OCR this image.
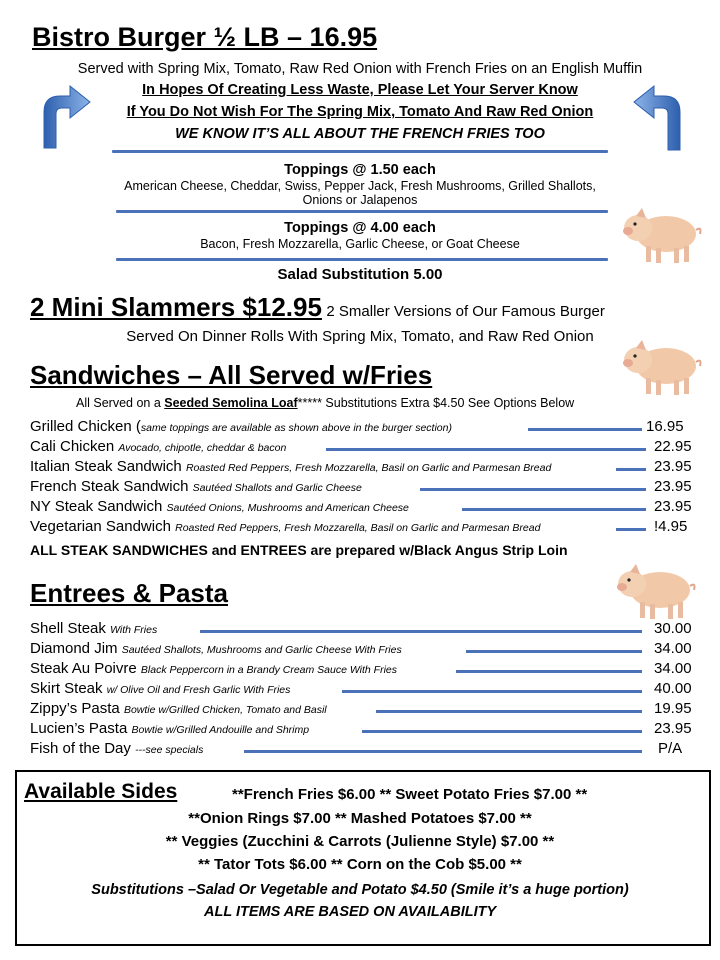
Bistro Burger ½ LB – 16.95
Served with Spring Mix, Tomato, Raw Red Onion with French Fries on an English Muffin
In Hopes Of Creating Less Waste, Please Let Your Server Know
If You Do Not Wish For The Spring Mix, Tomato And Raw Red Onion
WE KNOW IT’S ALL ABOUT THE FRENCH FRIES TOO
Toppings @ 1.50 each
American Cheese, Cheddar, Swiss, Pepper Jack, Fresh Mushrooms, Grilled Shallots,
Onions or Jalapenos
Toppings @ 4.00 each
Bacon, Fresh Mozzarella, Garlic Cheese, or Goat Cheese
Salad Substitution 5.00
2 Mini Slammers $12.95 2 Smaller Versions of Our Famous Burger
Served On Dinner Rolls With Spring Mix, Tomato, and Raw Red Onion
Sandwiches – All Served w/Fries
All Served on a Seeded Semolina Loaf***** Substitutions Extra $4.50 See Options Below
Grilled Chicken (same toppings are available as shown above in the burger section)	16.95
Cali Chicken Avocado, chipotle, cheddar & bacon	22.95
Italian Steak Sandwich Roasted Red Peppers, Fresh Mozzarella, Basil on Garlic and Parmesan Bread	23.95
French Steak Sandwich Sautéed Shallots and Garlic Cheese	23.95
NY Steak Sandwich Sautéed Onions, Mushrooms and American Cheese	23.95
Vegetarian Sandwich Roasted Red Peppers, Fresh Mozzarella, Basil on Garlic and Parmesan Bread	!4.95
ALL STEAK SANDWICHES and ENTREES are prepared w/Black Angus Strip Loin
Entrees & Pasta
Shell Steak With Fries	30.00
Diamond Jim Sautéed Shallots, Mushrooms and Garlic Cheese With Fries	34.00
Steak Au Poivre Black Peppercorn in a Brandy Cream Sauce With Fries	34.00
Skirt Steak w/ Olive Oil and Fresh Garlic With Fries	40.00
Zippy’s Pasta Bowtie w/Grilled Chicken, Tomato and Basil	19.95
Lucien’s Pasta Bowtie w/Grilled Andouille and Shrimp	23.95
Fish of the Day ---see specials	P/A
Available Sides	**French Fries $6.00 ** Sweet Potato Fries $7.00 **
**Onion Rings $7.00 ** Mashed Potatoes $7.00 **
** Veggies (Zucchini & Carrots (Julienne Style) $7.00 **
** Tator Tots $6.00 ** Corn on the Cob $5.00 **
Substitutions –Salad Or Vegetable and Potato $4.50 (Smile it’s a huge portion)
ALL ITEMS ARE BASED ON AVAILABILITY
